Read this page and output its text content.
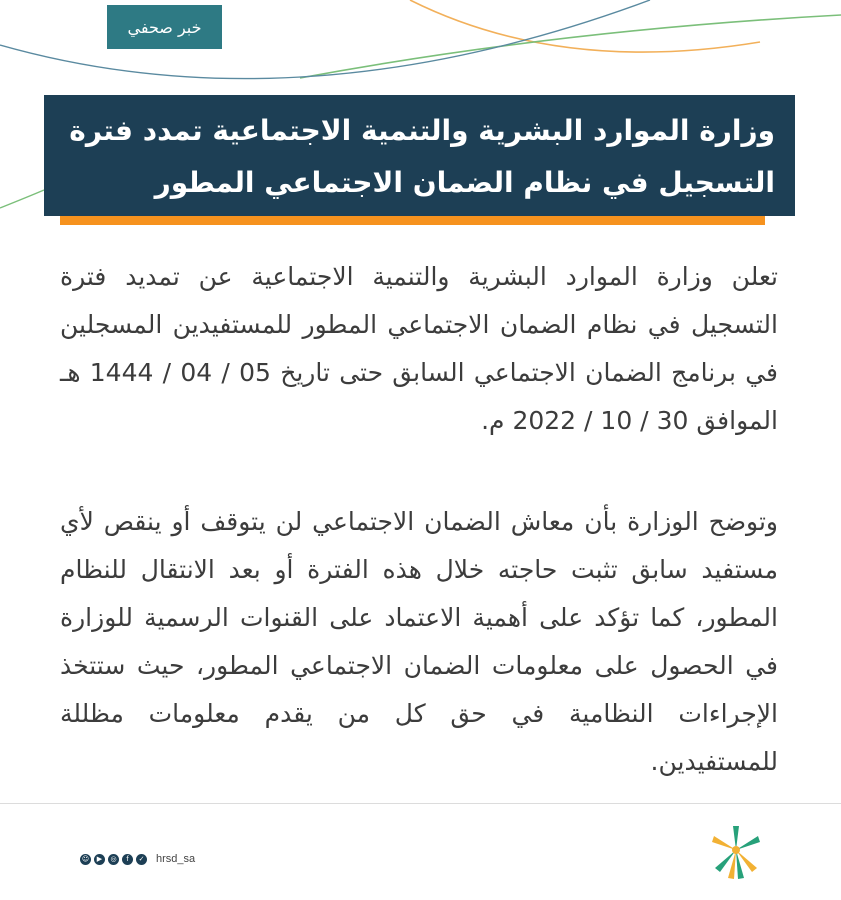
خبر صحفي
وزارة الموارد البشرية والتنمية الاجتماعية تمدد فترة
التسجيل في نظام الضمان الاجتماعي المطور
تعلن وزارة الموارد البشرية والتنمية الاجتماعية عن تمديد فترة التسجيل في نظام الضمان الاجتماعي المطور للمستفيدين المسجلين في برنامج الضمان الاجتماعي السابق حتى تاريخ 05 / 04 / 1444 هـ الموافق 30 / 10 / 2022 م.
وتوضح الوزارة بأن معاش الضمان الاجتماعي لن يتوقف أو ينقص لأي مستفيد سابق تثبت حاجته خلال هذه الفترة أو بعد الانتقال للنظام المطور، كما تؤكد على أهمية الاعتماد على القنوات الرسمية للوزارة في الحصول على معلومات الضمان الاجتماعي المطور، حيث ستتخذ الإجراءات النظامية في حق كل من يقدم معلومات مظللة للمستفيدين.
☺	▶	◎	f	✓ hrsd_sa
